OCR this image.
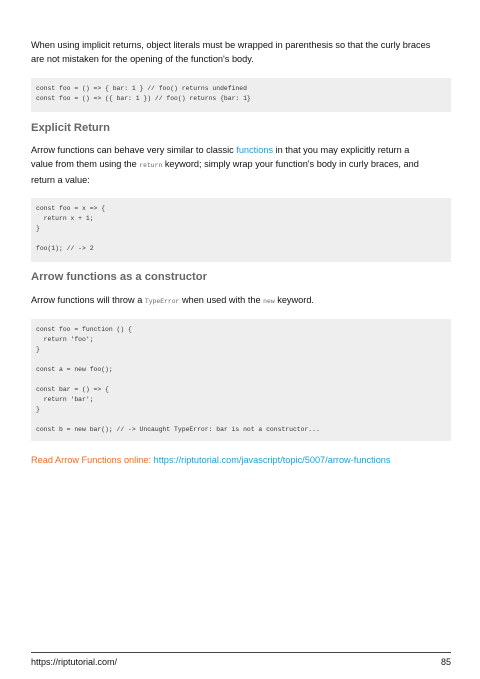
When using implicit returns, object literals must be wrapped in parenthesis so that the curly braces
are not mistaken for the opening of the function's body.

const foo = () => { bar: 1 } // foo() returns undefined
const foo = () => ({ bar: 1 }) // foo() returns {bar: 1}
Explicit Return

Arrow functions can behave very similar to classic functions in that you may explicitly return a
value from them using the return keyword; simply wrap your function's body in curly braces, and
return a value:

const foo = x => {
return x + 1;
}

foo(1); // -> 2
Arrow functions as a constructor

Arrow functions will throw a TypeError when used with the new keyword.

const foo = function () {
return 'foo';
}

const a = new foo();

const bar = () => {
return 'bar';
}

const b = new bar(); // -> Uncaught TypeError: bar is not a constructor...

Read Arrow Functions online: https://riptutorial.com/javascript/topic/5007/arrow-functions

https://riptutorial.com/	85
